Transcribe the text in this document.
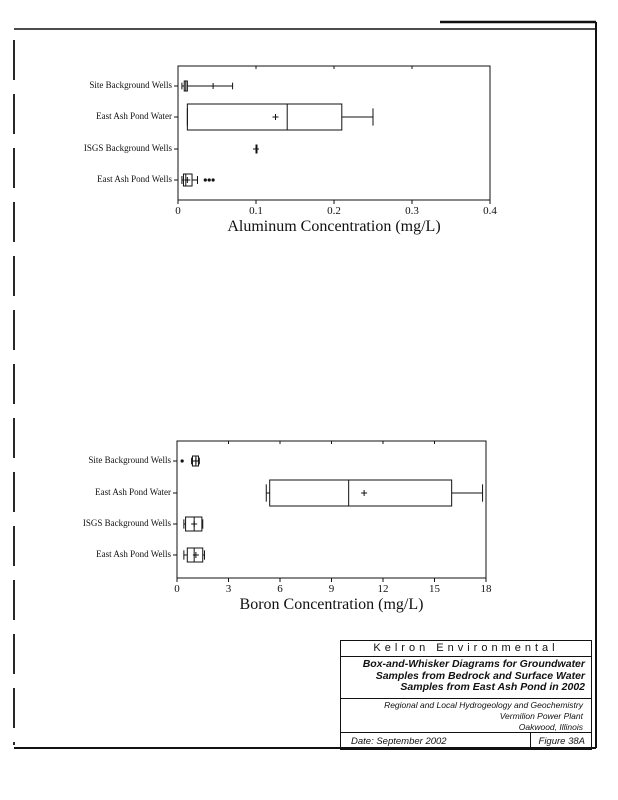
0	0.1	0.2	0.3	0.4
Site Background Wells
East Ash Pond Water
ISGS Background Wells
East Ash Pond Wells
Aluminum Concentration (mg/L)
0	3	6	9	12	15	18
Site Background Wells
East Ash Pond Water
ISGS Background Wells
East Ash Pond Wells
Boron Concentration (mg/L)
Kelron Environmental
Box-and-Whisker Diagrams for Groundwater
Samples from Bedrock and Surface Water
Samples from East Ash Pond in 2002
Regional and Local Hydrogeology and Geochemistry
Vermilion Power Plant
Oakwood, Illinois
Date: September 2002	Figure 38A
